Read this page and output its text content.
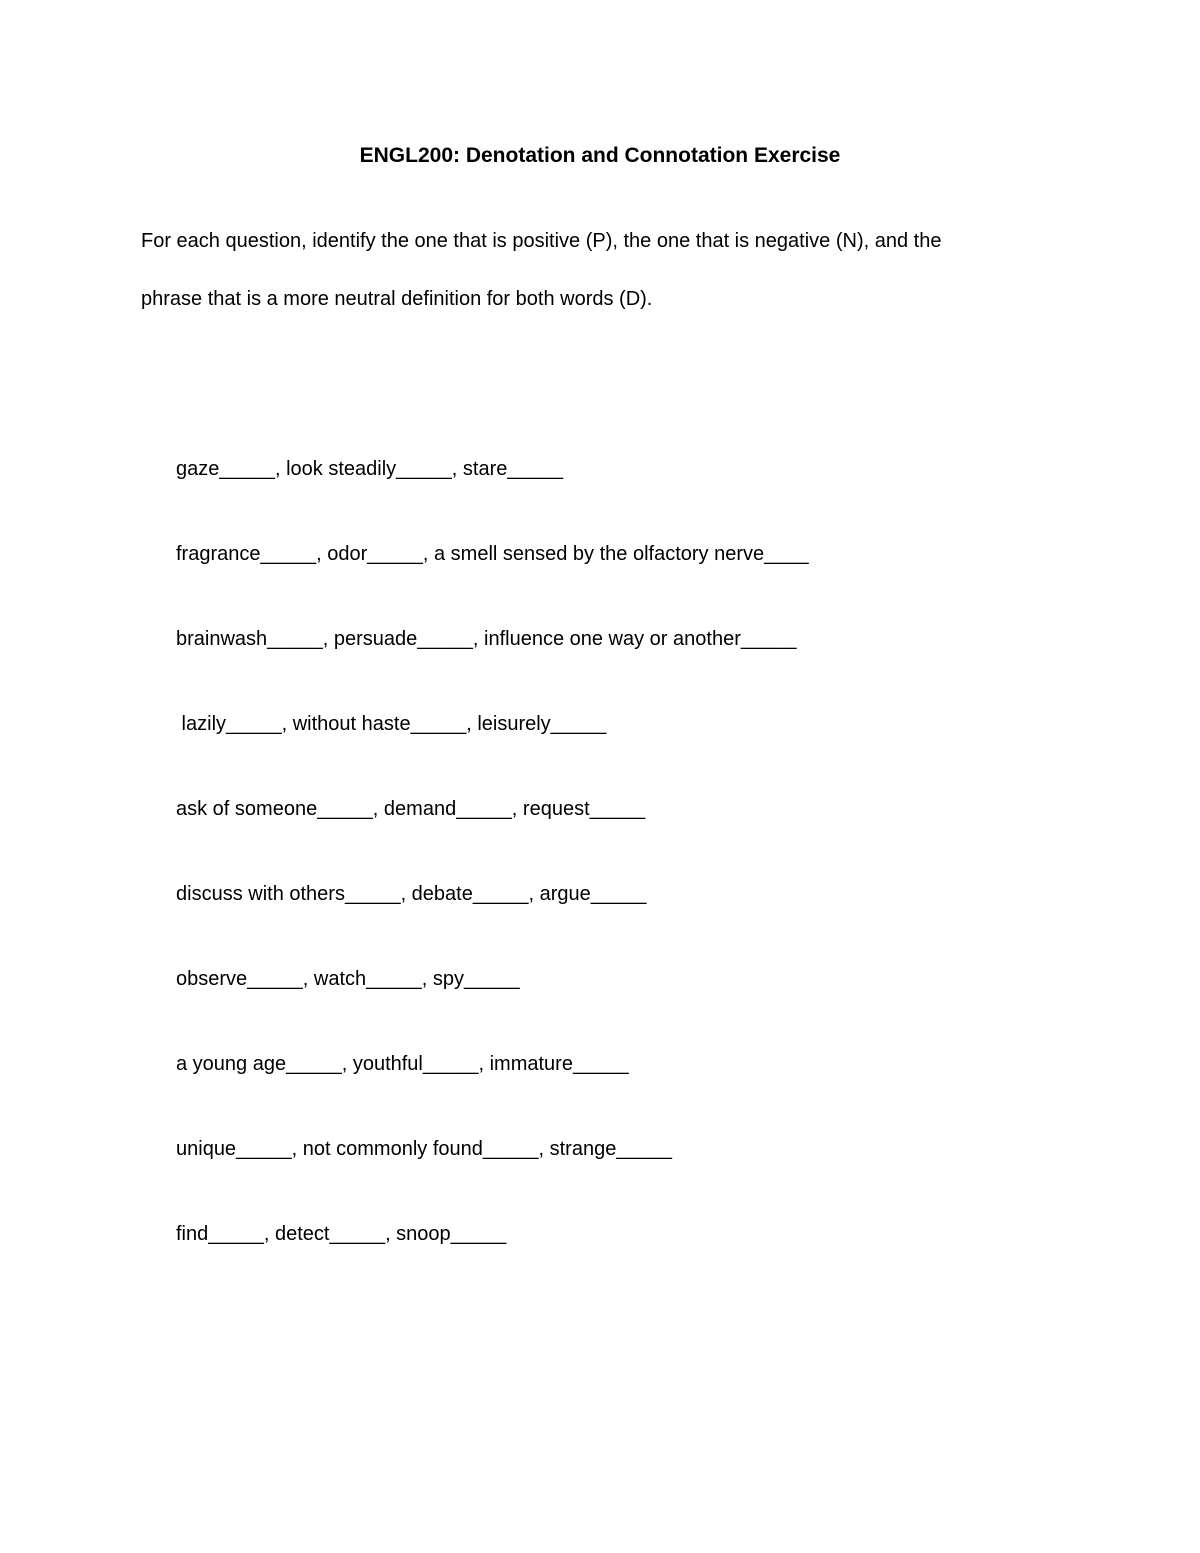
ENGL200: Denotation and Connotation Exercise
For each question, identify the one that is positive (P), the one that is negative (N), and the
phrase that is a more neutral definition for both words (D).
gaze_____, look steadily_____, stare_____
fragrance_____, odor_____, a smell sensed by the olfactory nerve____
brainwash_____, persuade_____, influence one way or another_____
lazily_____, without haste_____, leisurely_____
ask of someone_____, demand_____, request_____
discuss with others_____, debate_____, argue_____
observe_____, watch_____, spy_____
a young age_____, youthful_____, immature_____
unique_____, not commonly found_____, strange_____
find_____, detect_____, snoop_____
